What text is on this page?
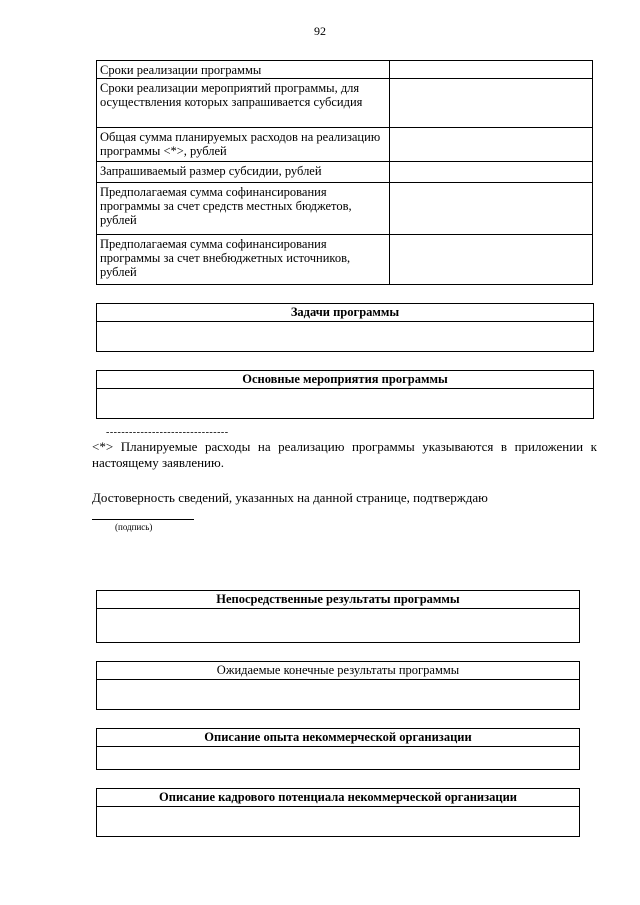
92
Сроки реализации программы	
Сроки реализации мероприятий программы, для осуществления которых запрашивается субсидия	
Общая сумма планируемых расходов на реализацию программы <*>, рублей	
Запрашиваемый размер субсидии, рублей	
Предполагаемая сумма софинансирования программы за счет средств местных бюджетов, рублей	
Предполагаемая сумма софинансирования программы за счет внебюджетных источников, рублей	
Задачи программы
Основные мероприятия программы
--------------------------------
<*> Планируемые расходы на реализацию программы указываются в приложении к настоящему заявлению.
Достоверность сведений, указанных на данной странице, подтверждаю
(подпись)
Непосредственные результаты программы
Ожидаемые конечные результаты программы
Описание опыта некоммерческой организации
Описание кадрового потенциала некоммерческой организации
